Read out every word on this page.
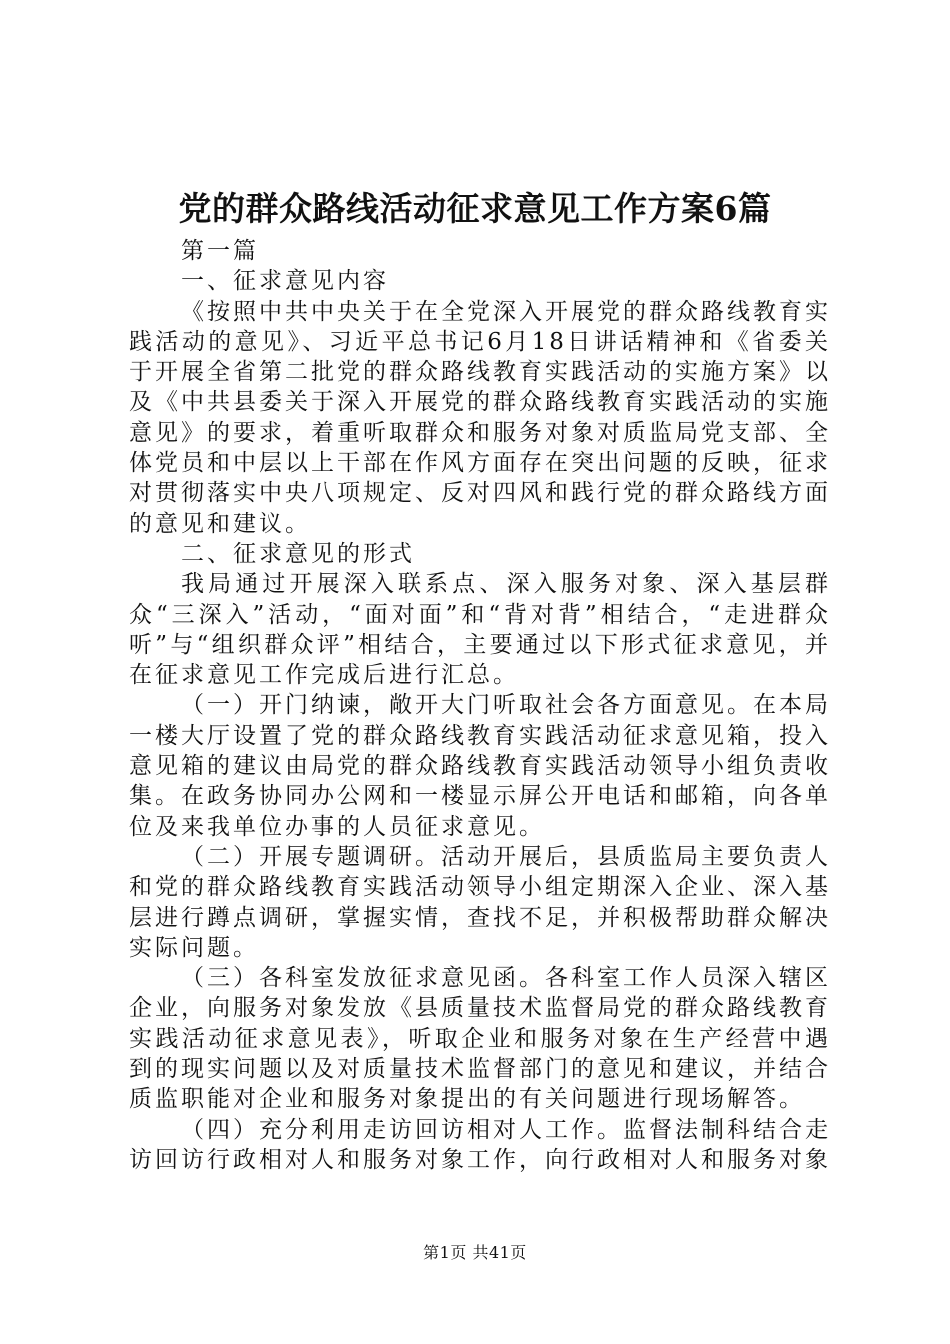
党的群众路线活动征求意见工作方案6篇

第一篇

一、征求意见内容

《按照中共中央关于在全党深入开展党的群众路线教育实践活动的意见》、习近平总书记6月18日讲话精神和《省委关于开展全省第二批党的群众路线教育实践活动的实施方案》以及《中共县委关于深入开展党的群众路线教育实践活动的实施意见》的要求，着重听取群众和服务对象对质监局党支部、全体党员和中层以上干部在作风方面存在突出问题的反映，征求对贯彻落实中央八项规定、反对四风和践行党的群众路线方面的意见和建议。

二、征求意见的形式

我局通过开展深入联系点、深入服务对象、深入基层群众“三深入”活动，“面对面”和“背对背”相结合，“走进群众听”与“组织群众评”相结合，主要通过以下形式征求意见，并在征求意见工作完成后进行汇总。

（一）开门纳谏，敞开大门听取社会各方面意见。在本局一楼大厅设置了党的群众路线教育实践活动征求意见箱，投入意见箱的建议由局党的群众路线教育实践活动领导小组负责收集。在政务协同办公网和一楼显示屏公开电话和邮箱，向各单位及来我单位办事的人员征求意见。

（二）开展专题调研。活动开展后，县质监局主要负责人和党的群众路线教育实践活动领导小组定期深入企业、深入基层进行蹲点调研，掌握实情，查找不足，并积极帮助群众解决实际问题。

（三）各科室发放征求意见函。各科室工作人员深入辖区企业，向服务对象发放《县质量技术监督局党的群众路线教育实践活动征求意见表》，听取企业和服务对象在生产经营中遇到的现实问题以及对质量技术监督部门的意见和建议，并结合质监职能对企业和服务对象提出的有关问题进行现场解答。

（四）充分利用走访回访相对人工作。监督法制科结合走访回访行政相对人和服务对象工作，向行政相对人和服务对象

第1页 共41页
